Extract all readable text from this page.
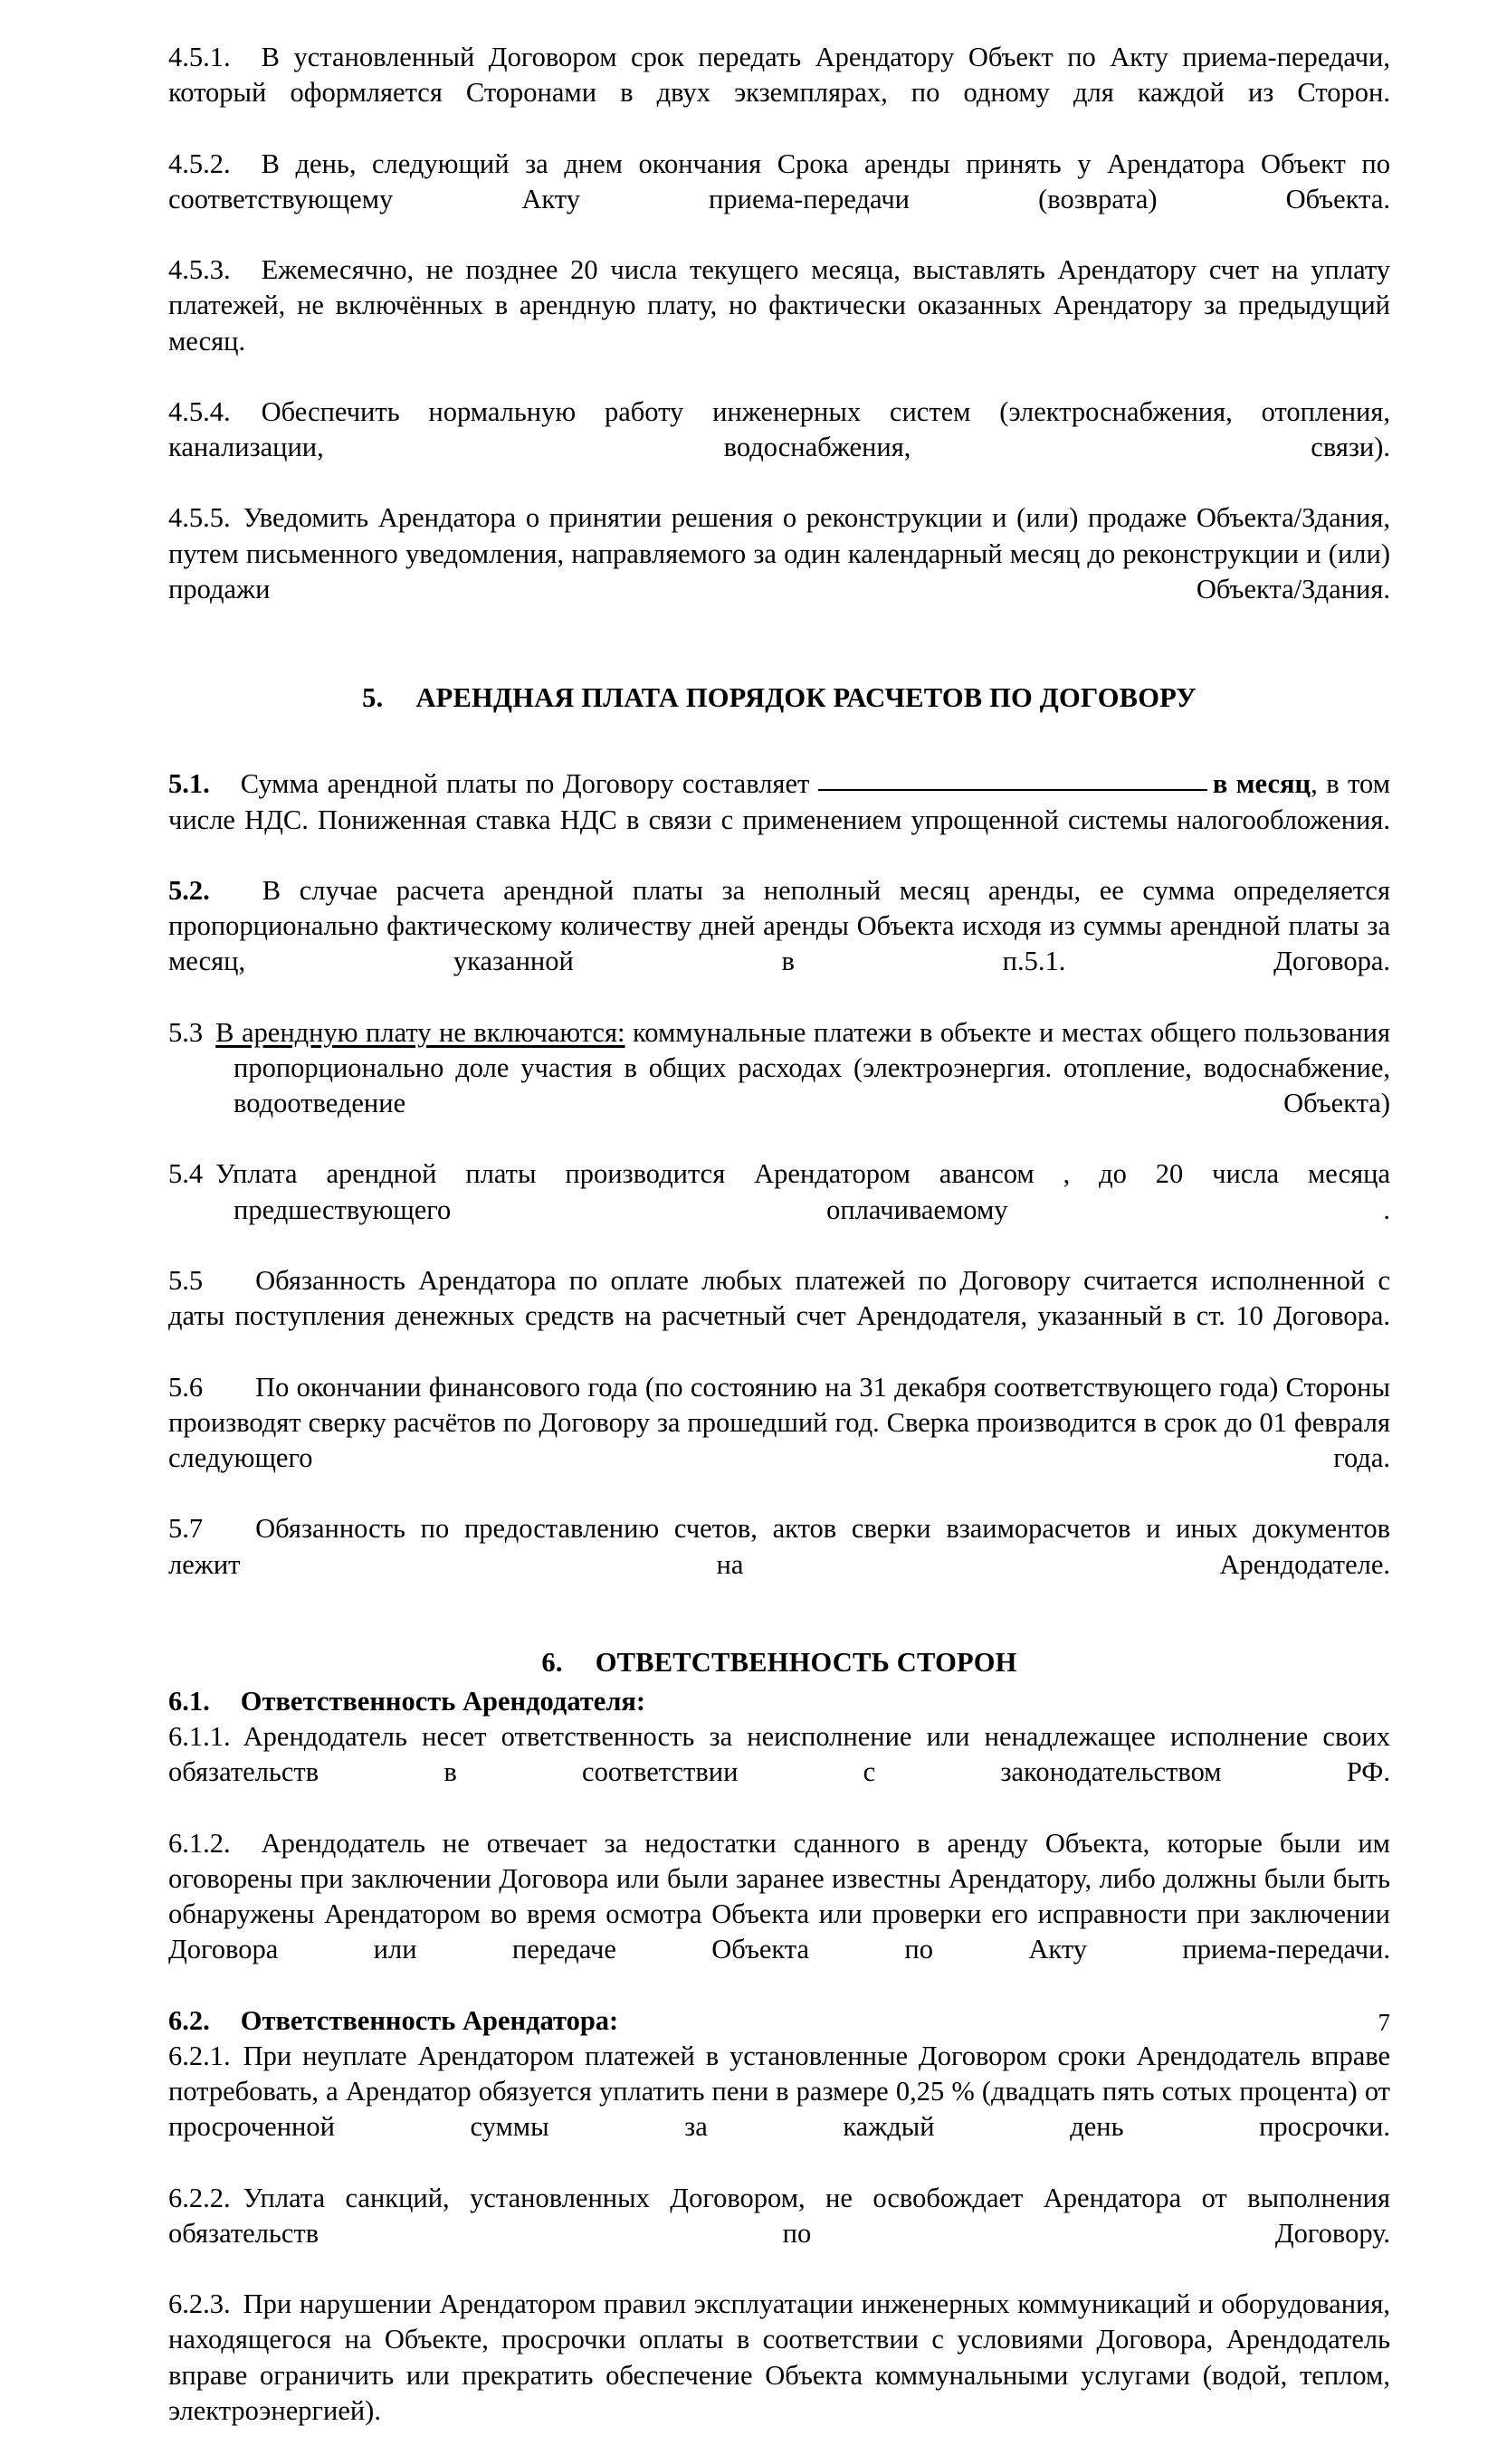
4.5.1. В установленный Договором срок передать Арендатору Объект по Акту приема-передачи, который оформляется Сторонами в двух экземплярах, по одному для каждой из Сторон.

4.5.2. В день, следующий за днем окончания Срока аренды принять у Арендатора Объект по соответствующему Акту приема-передачи (возврата) Объекта.

4.5.3. Ежемесячно, не позднее 20 числа текущего месяца, выставлять Арендатору счет на уплату платежей, не включённых в арендную плату, но фактически оказанных Арендатору за предыдущий месяц.

4.5.4. Обеспечить нормальную работу инженерных систем (электроснабжения, отопления, канализации, водоснабжения, связи).

4.5.5. Уведомить Арендатора о принятии решения о реконструкции и (или) продаже Объекта/Здания, путем письменного уведомления, направляемого за один календарный месяц до реконструкции и (или) продажи Объекта/Здания.

5. АРЕНДНАЯ ПЛАТА ПОРЯДОК РАСЧЕТОВ ПО ДОГОВОРУ

5.1. Сумма арендной платы по Договору составляет	в месяц, в том числе НДС. Пониженная ставка НДС в связи с применением упрощенной системы налогообложения.

5.2. В случае расчета арендной платы за неполный месяц аренды, ее сумма определяется пропорционально фактическому количеству дней аренды Объекта исходя из суммы арендной платы за месяц, указанной в п.5.1. Договора.

5.3 В арендную плату не включаются: коммунальные платежи в объекте и местах общего пользования пропорционально доле участия в общих расходах (электроэнергия. отопление, водоснабжение, водоотведение Объекта)

5.4 Уплата арендной платы производится Арендатором авансом , до 20 числа месяца предшествующего оплачиваемому .

5.5 Обязанность Арендатора по оплате любых платежей по Договору считается исполненной с даты поступления денежных средств на расчетный счет Арендодателя, указанный в ст. 10 Договора.

5.6 По окончании финансового года (по состоянию на 31 декабря соответствующего года) Стороны производят сверку расчётов по Договору за прошедший год. Сверка производится в срок до 01 февраля следующего года.

5.7 Обязанность по предоставлению счетов, актов сверки взаиморасчетов и иных документов лежит на Арендодателе.

6. ОТВЕТСТВЕННОСТЬ СТОРОН

6.1. Ответственность Арендодателя:

6.1.1. Арендодатель несет ответственность за неисполнение или ненадлежащее исполнение своих обязательств в соответствии с законодательством РФ.

6.1.2. Арендодатель не отвечает за недостатки сданного в аренду Объекта, которые были им оговорены при заключении Договора или были заранее известны Арендатору, либо должны были быть обнаружены Арендатором во время осмотра Объекта или проверки его исправности при заключении Договора или передаче Объекта по Акту приема-передачи.

6.2. Ответственность Арендатора:

6.2.1. При неуплате Арендатором платежей в установленные Договором сроки Арендодатель вправе потребовать, а Арендатор обязуется уплатить пени в размере 0,25 % (двадцать пять сотых процента) от просроченной суммы за каждый день просрочки.

6.2.2. Уплата санкций, установленных Договором, не освобождает Арендатора от выполнения обязательств по Договору.

6.2.3. При нарушении Арендатором правил эксплуатации инженерных коммуникаций и оборудования, находящегося на Объекте, просрочки оплаты в соответствии с условиями Договора, Арендодатель вправе ограничить или прекратить обеспечение Объекта коммунальными услугами (водой, теплом, электроэнергией).

7
